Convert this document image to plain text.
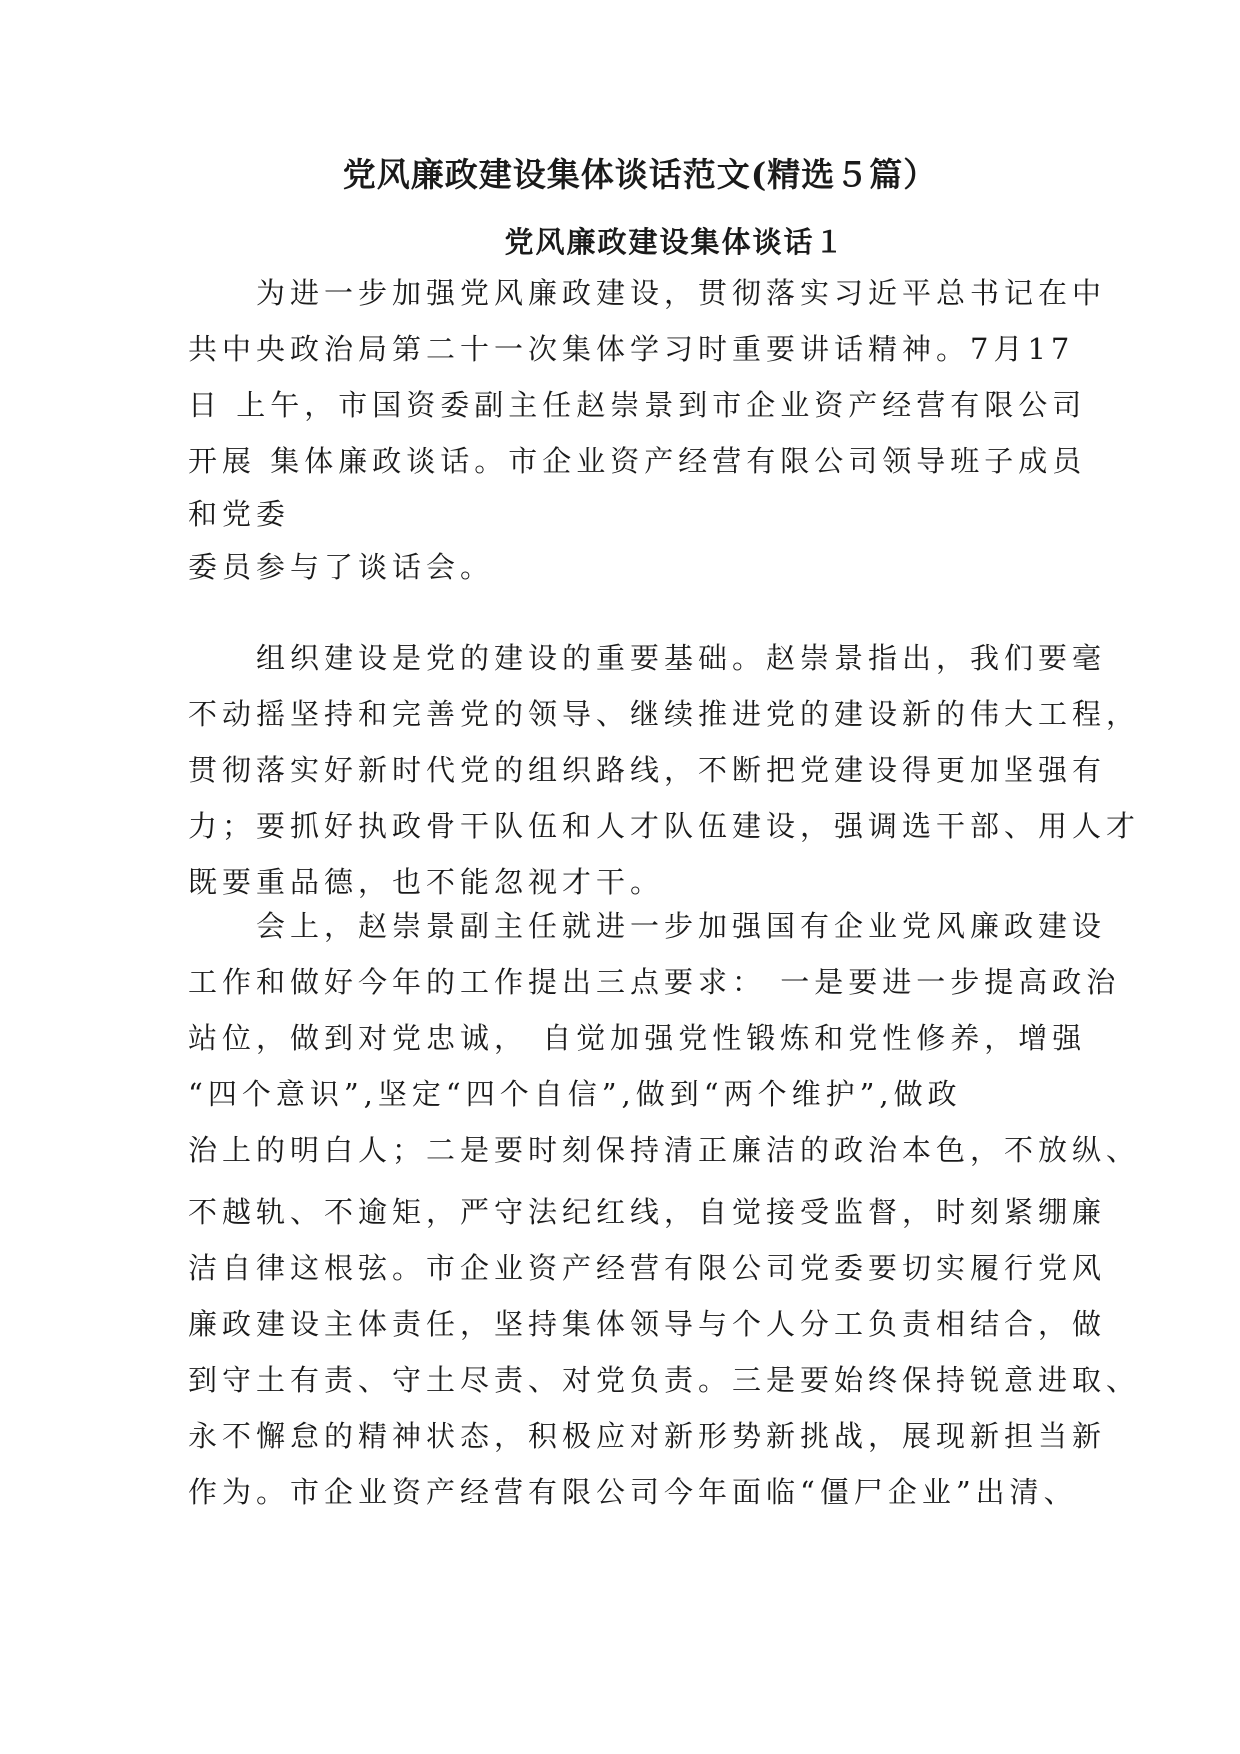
党风廉政建设集体谈话范文(精选５篇）
党风廉政建设集体谈话１
为进一步加强党风廉政建设，贯彻落实习近平总书记在中
共中央政治局第二十一次集体学习时重要讲话精神。7月17
日 上午，市国资委副主任赵崇景到市企业资产经营有限公司
开展 集体廉政谈话。市企业资产经营有限公司领导班子成员
和党委
委员参与了谈话会。
组织建设是党的建设的重要基础。赵崇景指出，我们要毫
不动摇坚持和完善党的领导、继续推进党的建设新的伟大工程，
贯彻落实好新时代党的组织路线，不断把党建设得更加坚强有
力；要抓好执政骨干队伍和人才队伍建设，强调选干部、用人才
既要重品德，也不能忽视才干。
会上，赵崇景副主任就进一步加强国有企业党风廉政建设
工作和做好今年的工作提出三点要求： 一是要进一步提高政治
站位，做到对党忠诚， 自觉加强党性锻炼和党性修养，增强
“四个意识”,坚定“四个自信”,做到“两个维护”,做政
治上的明白人；二是要时刻保持清正廉洁的政治本色，不放纵、
不越轨、不逾矩，严守法纪红线，自觉接受监督，时刻紧绷廉
洁自律这根弦。市企业资产经营有限公司党委要切实履行党风
廉政建设主体责任，坚持集体领导与个人分工负责相结合，做
到守土有责、守土尽责、对党负责。三是要始终保持锐意进取、
永不懈怠的精神状态，积极应对新形势新挑战，展现新担当新
作为。市企业资产经营有限公司今年面临“僵尸企业”出清、
